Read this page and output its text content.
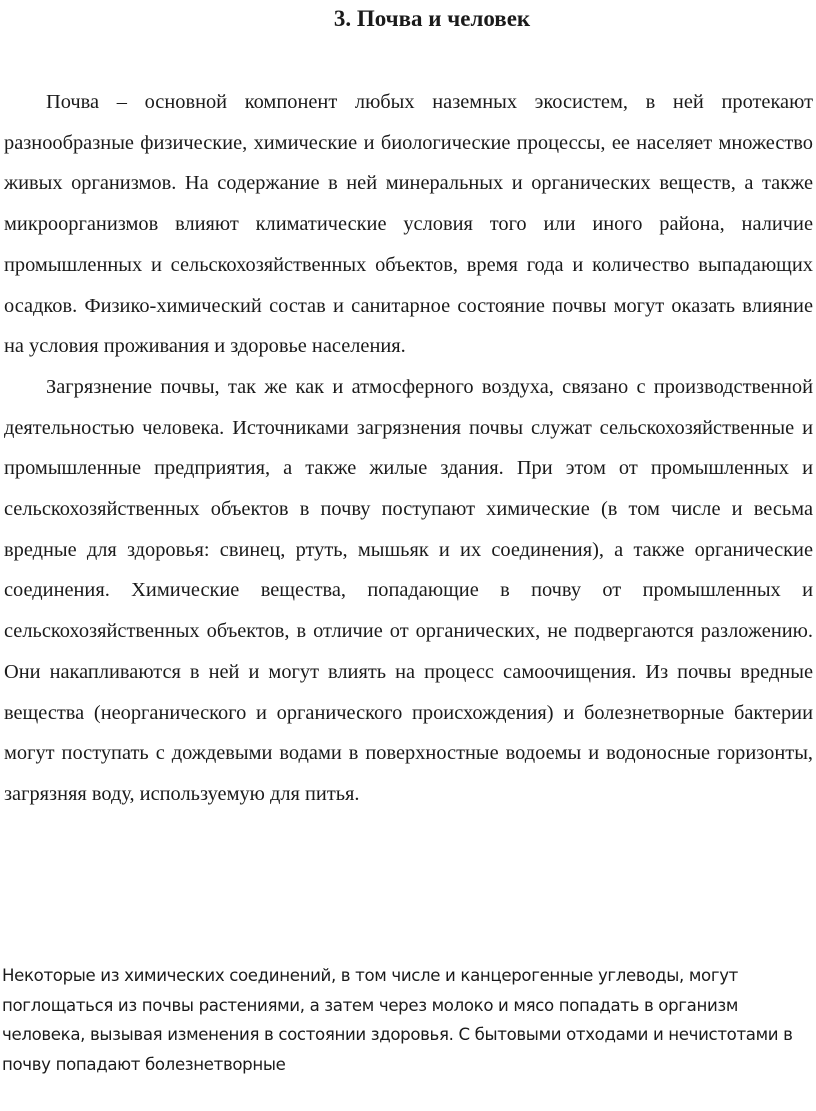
3. Почва и человек

Почва – основной компонент любых наземных экосистем, в ней протекают разнообразные физические, химические и биологические процессы, ее населяет множество живых организмов. На содержание в ней минеральных и органических веществ, а также микроорганизмов влияют климатические условия того или иного района, наличие промышленных и сельскохозяйственных объектов, время года и количество выпадающих осадков. Физико-химический состав и санитарное состояние почвы могут оказать влияние на условия проживания и здоровье населения.

Загрязнение почвы, так же как и атмосферного воздуха, связано с производственной деятельностью человека. Источниками загрязнения почвы служат сельскохозяйственные и промышленные предприятия, а также жилые здания. При этом от промышленных и сельскохозяйственных объектов в почву поступают химические (в том числе и весьма вредные для здоровья: свинец, ртуть, мышьяк и их соединения), а также органические соединения. Химические вещества, попадающие в почву от промышленных и сельскохозяйственных объектов, в отличие от органических, не подвергаются разложению. Они накапливаются в ней и могут влиять на процесс самоочищения. Из почвы вредные вещества (неорганического и органического происхождения) и болезнетворные бактерии могут поступать с дождевыми водами в поверхностные водоемы и водоносные горизонты, загрязняя воду, используемую для питья.

Некоторые из химических соединений, в том числе и канцерогенные углеводы, могут поглощаться из почвы растениями, а затем через молоко и мясо попадать в организм человека, вызывая изменения в состоянии здоровья. С бытовыми отходами и нечистотами в почву попадают болезнетворные
